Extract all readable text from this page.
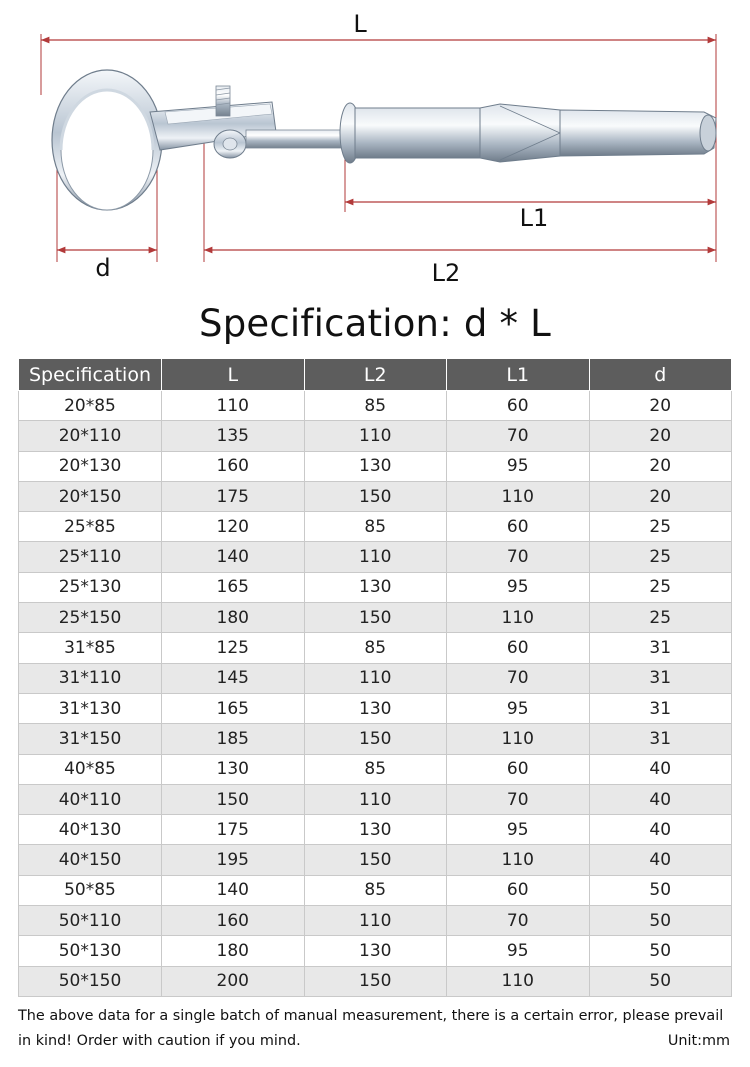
L
L1
L2
d
Specification: d * L
Specification	L	L2	L1	d
20*85	110	85	60	20
20*110	135	110	70	20
20*130	160	130	95	20
20*150	175	150	110	20
25*85	120	85	60	25
25*110	140	110	70	25
25*130	165	130	95	25
25*150	180	150	110	25
31*85	125	85	60	31
31*110	145	110	70	31
31*130	165	130	95	31
31*150	185	150	110	31
40*85	130	85	60	40
40*110	150	110	70	40
40*130	175	130	95	40
40*150	195	150	110	40
50*85	140	85	60	50
50*110	160	110	70	50
50*130	180	130	95	50
50*150	200	150	110	50
The above data for a single batch of manual measurement, there is a certain error, please prevail in kind! Order with caution if you mind.	Unit:mm
